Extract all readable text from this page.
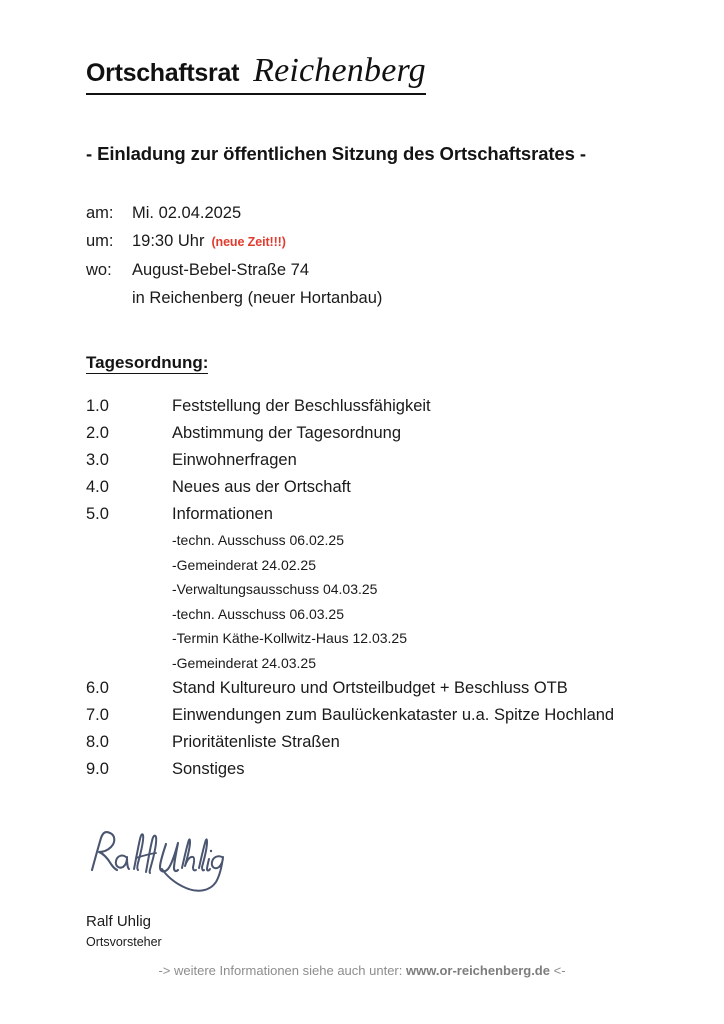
Ortschaftsrat Reichenberg
- Einladung zur öffentlichen Sitzung des Ortschaftsrates -
am:	Mi. 02.04.2025
um:	19:30 Uhr (neue Zeit!!!)
wo:	August-Bebel-Straße 74
in Reichenberg (neuer Hortanbau)
Tagesordnung:
1.0	Feststellung der Beschlussfähigkeit
2.0	Abstimmung der Tagesordnung
3.0	Einwohnerfragen
4.0	Neues aus der Ortschaft
5.0	Informationen
-techn. Ausschuss 06.02.25
-Gemeinderat 24.02.25
-Verwaltungsausschuss 04.03.25
-techn. Ausschuss 06.03.25
-Termin Käthe-Kollwitz-Haus 12.03.25
-Gemeinderat 24.03.25
6.0	Stand Kultureuro und Ortsteilbudget + Beschluss OTB
7.0	Einwendungen zum Baulückenkataster u.a. Spitze Hochland
8.0	Prioritätenliste Straßen
9.0	Sonstiges
Ralf Uhlig
Ortsvorsteher
-> weitere Informationen siehe auch unter: www.or-reichenberg.de <-
